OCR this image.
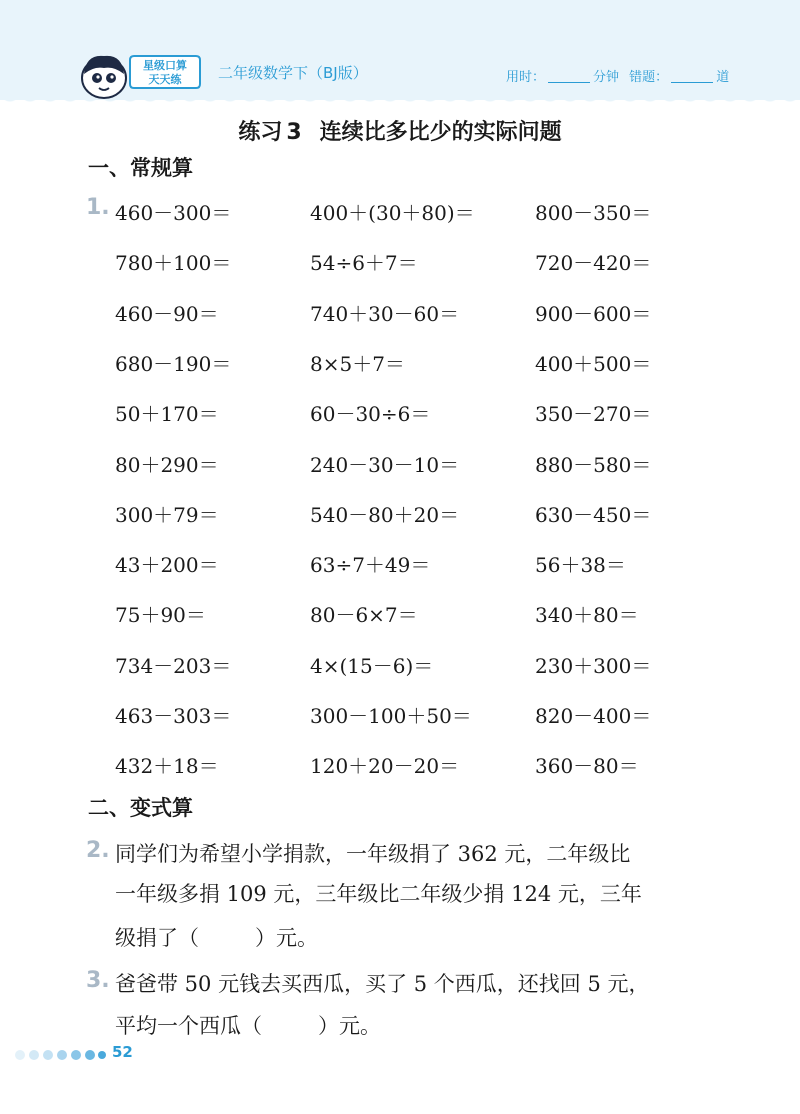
星级口算
天天练 二年级数学下（BJ版）	用时：	分钟 错题：	道
练习 3 连续比多比少的实际问题
一、常规算
1. 460－300＝	400＋(30＋80)＝	800－350＝
780＋100＝	54÷6＋7＝	720－420＝
460－90＝	740＋30－60＝	900－600＝
680－190＝	8×5＋7＝	400＋500＝
50＋170＝	60－30÷6＝	350－270＝
80＋290＝	240－30－10＝	880－580＝
300＋79＝	540－80＋20＝	630－450＝
43＋200＝	63÷7＋49＝	56＋38＝
75＋90＝	80－6×7＝	340＋80＝
734－203＝	4×(15－6)＝	230＋300＝
463－303＝	300－100＋50＝	820－400＝
432＋18＝	120＋20－20＝	360－80＝
二、变式算
2. 同学们为希望小学捐款，一年级捐了 362 元，二年级比
一年级多捐 109 元，三年级比二年级少捐 124 元，三年
级捐了（	）元。
3. 爸爸带 50 元钱去买西瓜，买了 5 个西瓜，还找回 5 元，
平均一个西瓜（	）元。
52
